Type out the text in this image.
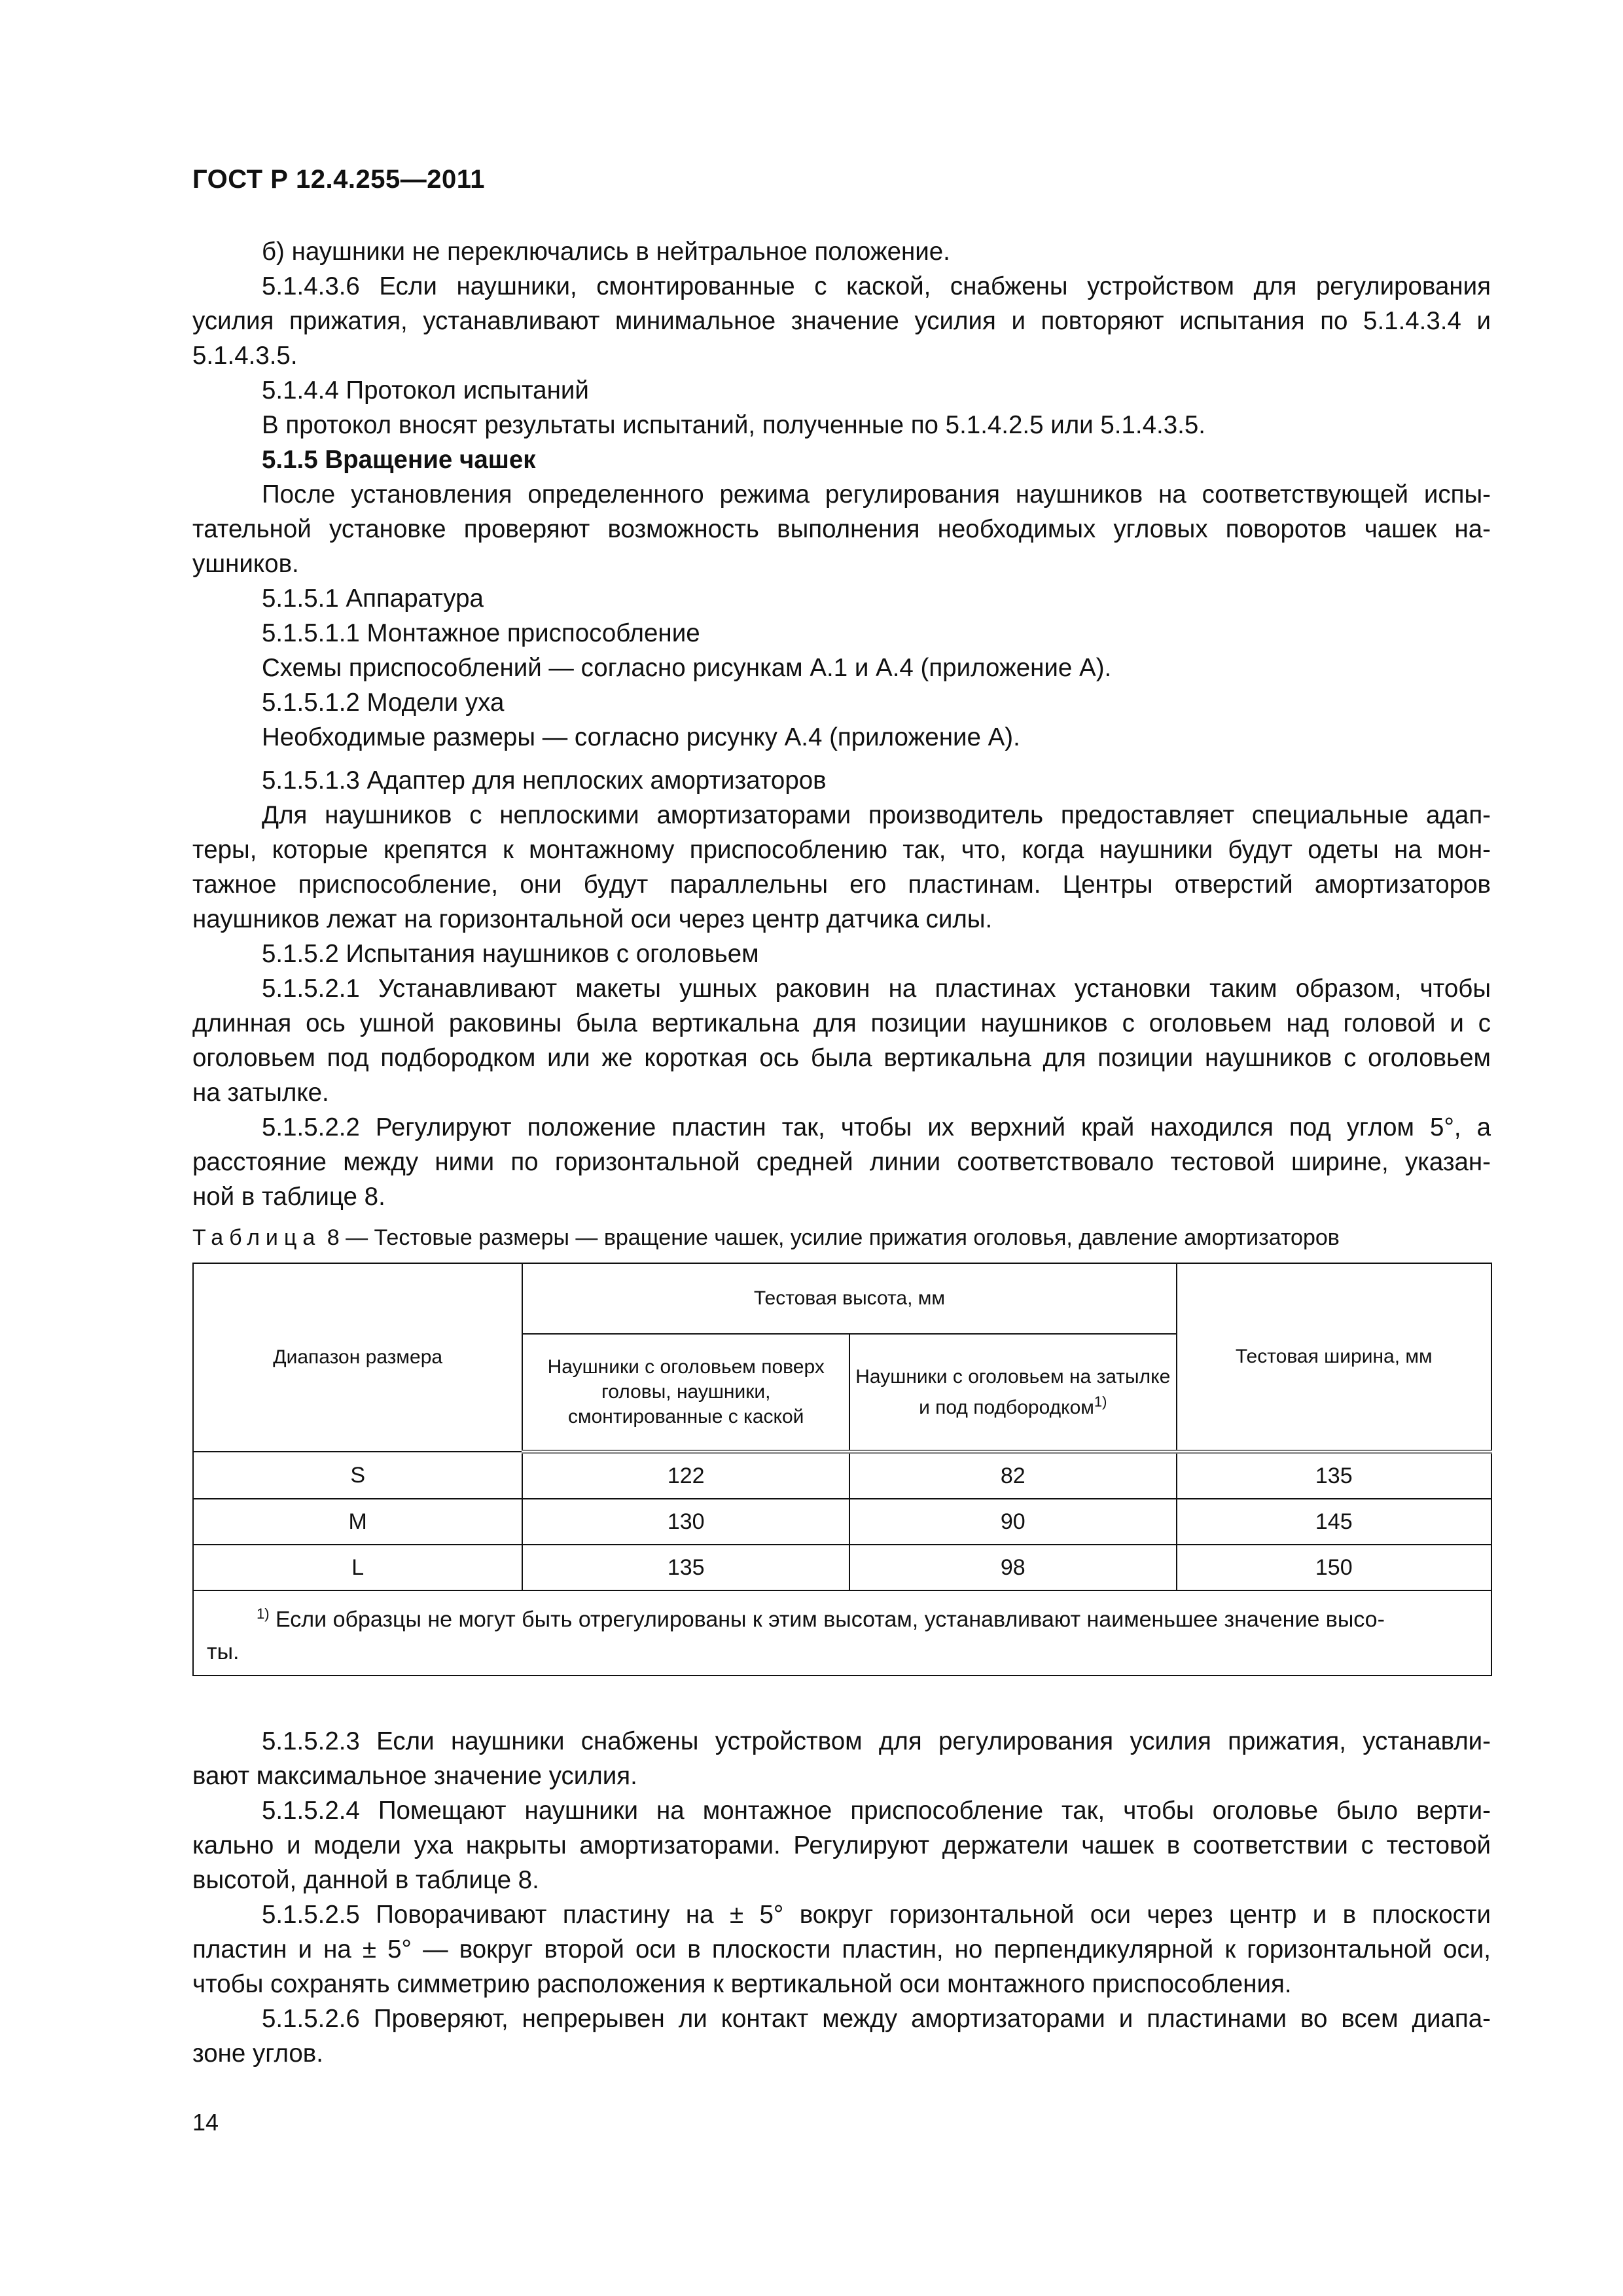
ГОСТ Р 12.4.255—2011
б) наушники не переключались в нейтральное положение.
5.1.4.3.6 Если наушники, смонтированные с каской, снабжены устройством для регулирования
усилия прижатия, устанавливают минимальное значение усилия и повторяют испытания по 5.1.4.3.4 и
5.1.4.3.5.
5.1.4.4 Протокол испытаний
В протокол вносят результаты испытаний, полученные по 5.1.4.2.5 или 5.1.4.3.5.
5.1.5 Вращение чашек
После установления определенного режима регулирования наушников на соответствующей испы-
тательной установке проверяют возможность выполнения необходимых угловых поворотов чашек на-
ушников.
5.1.5.1 Аппаратура
5.1.5.1.1 Монтажное приспособление
Схемы приспособлений — согласно рисункам А.1 и А.4 (приложение А).
5.1.5.1.2 Модели уха
Необходимые размеры — согласно рисунку А.4 (приложение А).
5.1.5.1.3 Адаптер для неплоских амортизаторов
Для наушников с неплоскими амортизаторами производитель предоставляет специальные адап-
теры, которые крепятся к монтажному приспособлению так, что, когда наушники будут одеты на мон-
тажное приспособление, они будут параллельны его пластинам. Центры отверстий амортизаторов
наушников лежат на горизонтальной оси через центр датчика силы.
5.1.5.2 Испытания наушников с оголовьем
5.1.5.2.1 Устанавливают макеты ушных раковин на пластинах установки таким образом, чтобы
длинная ось ушной раковины была вертикальна для позиции наушников с оголовьем над головой и с
оголовьем под подбородком или же короткая ось была вертикальна для позиции наушников с оголовьем
на затылке.
5.1.5.2.2 Регулируют положение пластин так, чтобы их верхний край находился под углом 5°, а
расстояние между ними по горизонтальной средней линии соответствовало тестовой ширине, указан-
ной в таблице 8.
Таблица 8 — Тестовые размеры — вращение чашек, усилие прижатия оголовья, давление амортизаторов
Диапазон размера	Тестовая высота, мм		Тестовая ширина, мм
	Наушники с оголовьем поверх головы, наушники, смонтированные с каской	Наушники с оголовьем на затылке и под подбородком$^{1)}$
S	122	82	135
M	130	90	145
L	135	98	150
$^{1)}$ Если образцы не могут быть отрегулированы к этим высотам, устанавливают наименьшее значение высо-
ты.			
5.1.5.2.3 Если наушники снабжены устройством для регулирования усилия прижатия, устанавли-
вают максимальное значение усилия.
5.1.5.2.4 Помещают наушники на монтажное приспособление так, чтобы оголовье было верти-
кально и модели уха накрыты амортизаторами. Регулируют держатели чашек в соответствии с тестовой
высотой, данной в таблице 8.
5.1.5.2.5 Поворачивают пластину на ± 5° вокруг горизонтальной оси через центр и в плоскости
пластин и на ± 5° — вокруг второй оси в плоскости пластин, но перпендикулярной к горизонтальной оси,
чтобы сохранять симметрию расположения к вертикальной оси монтажного приспособления.
5.1.5.2.6 Проверяют, непрерывен ли контакт между амортизаторами и пластинами во всем диапа-
зоне углов.
14
